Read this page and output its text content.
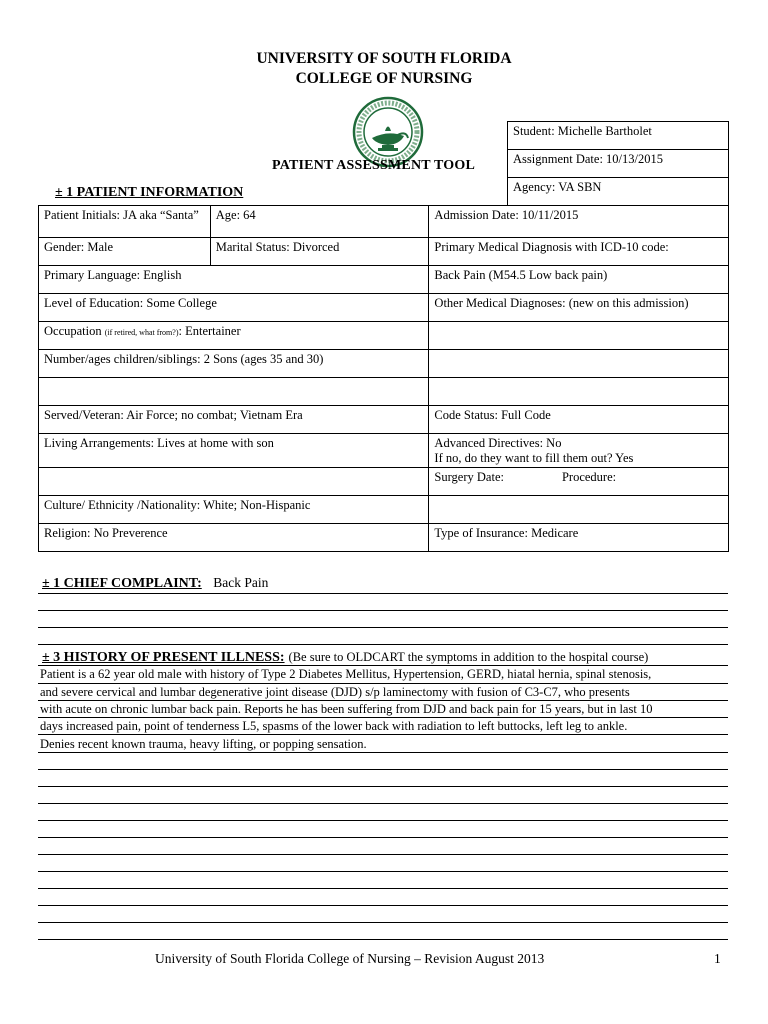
UNIVERSITY OF SOUTH FLORIDA
COLLEGE OF NURSING
PATIENT ASSESSMENT TOOL
Student: Michelle Bartholet
Assignment Date: 10/13/2015
Agency: VA SBN
± 1 PATIENT INFORMATION
Patient Initials: JA aka “Santa”	Age: 64	Admission Date: 10/11/2015
Gender: Male	Marital Status: Divorced	Primary Medical Diagnosis with ICD-10 code:
Primary Language: English		Back Pain (M54.5 Low back pain)
Level of Education: Some College		Other Medical Diagnoses: (new on this admission)
Occupation (if retired, what from?): Entertainer		
Number/ages children/siblings: 2 Sons (ages 35 and 30)		

Served/Veteran: Air Force; no combat; Vietnam Era		Code Status: Full Code
Living Arrangements: Lives at home with son		Advanced Directives: No
If no, do they want to fill them out? Yes

		Surgery Date: Procedure:
Culture/ Ethnicity /Nationality: White; Non-Hispanic		
Religion: No Preverence		Type of Insurance: Medicare
± 1 CHIEF COMPLAINT: Back Pain
± 3 HISTORY OF PRESENT ILLNESS: (Be sure to OLDCART the symptoms in addition to the hospital course)
Patient is a 62 year old male with history of Type 2 Diabetes Mellitus, Hypertension, GERD, hiatal hernia, spinal stenosis,
and severe cervical and lumbar degenerative joint disease (DJD) s/p laminectomy with fusion of C3-C7, who presents
with acute on chronic lumbar back pain. Reports he has been suffering from DJD and back pain for 15 years, but in last 10
days increased pain, point of tenderness L5, spasms of the lower back with radiation to left buttocks, left leg to ankle.
Denies recent known trauma, heavy lifting, or popping sensation.
University of South Florida College of Nursing – Revision August 2013	1
